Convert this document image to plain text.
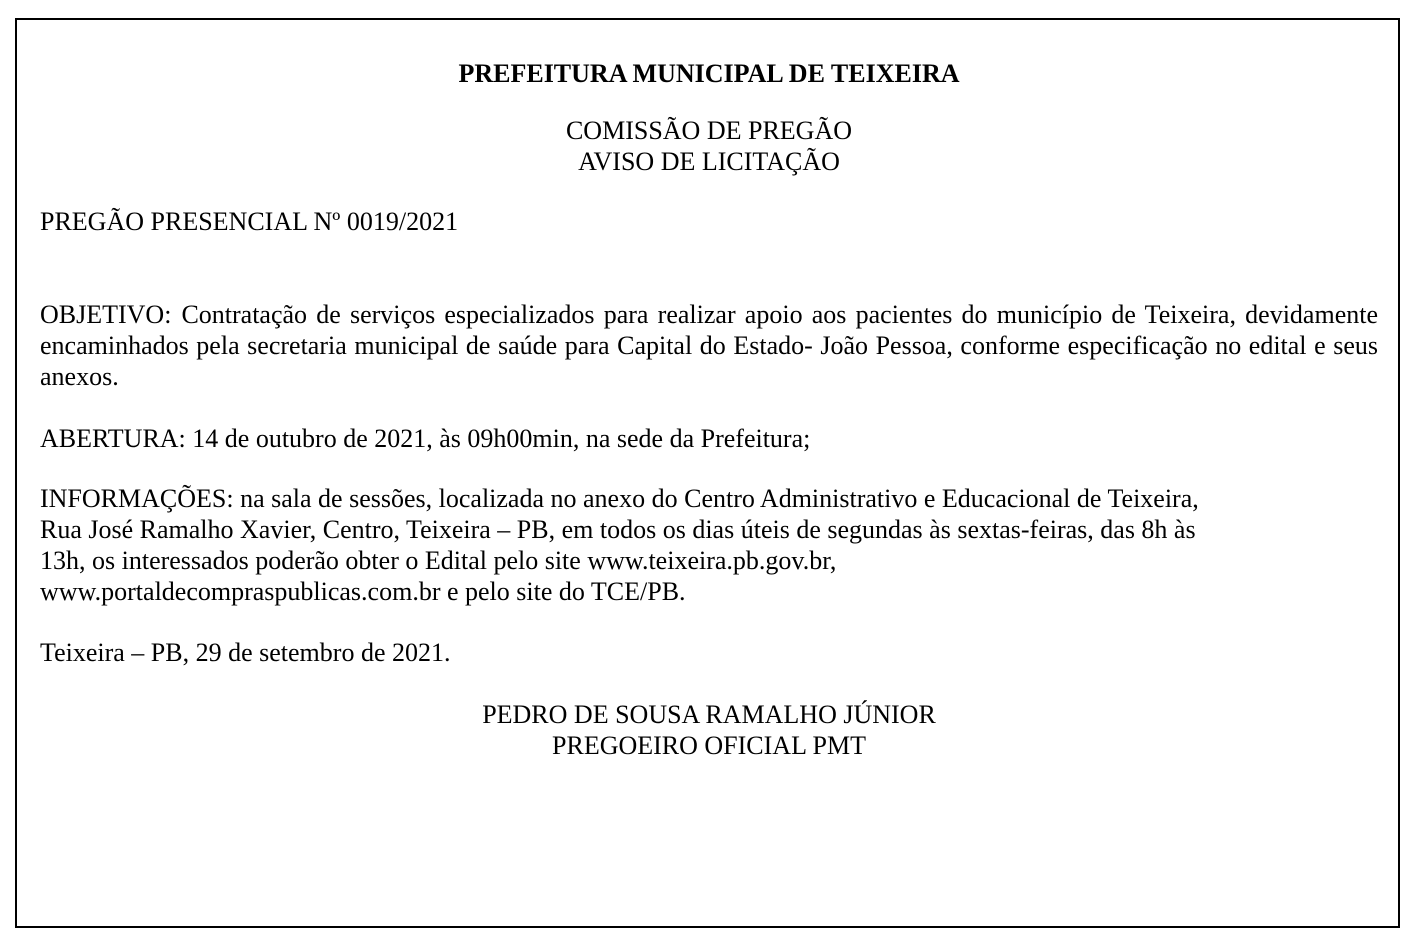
PREFEITURA MUNICIPAL DE TEIXEIRA
COMISSÃO DE PREGÃO
AVISO DE LICITAÇÃO
PREGÃO PRESENCIAL Nº 0019/2021
OBJETIVO: Contratação de serviços especializados para realizar apoio aos pacientes do município de Teixeira, devidamente encaminhados pela secretaria municipal de saúde para Capital do Estado- João Pessoa, conforme especificação no edital e seus anexos.
ABERTURA: 14 de outubro de 2021, às 09h00min, na sede da Prefeitura;
INFORMAÇÕES: na sala de sessões, localizada no anexo do Centro Administrativo e Educacional de Teixeira,
Rua José Ramalho Xavier, Centro, Teixeira – PB, em todos os dias úteis de segundas às sextas-feiras, das 8h às
13h, os interessados poderão obter o Edital pelo site www.teixeira.pb.gov.br,
www.portaldecompraspublicas.com.br e pelo site do TCE/PB.
Teixeira – PB, 29 de setembro de 2021.
PEDRO DE SOUSA RAMALHO JÚNIOR
PREGOEIRO OFICIAL PMT
